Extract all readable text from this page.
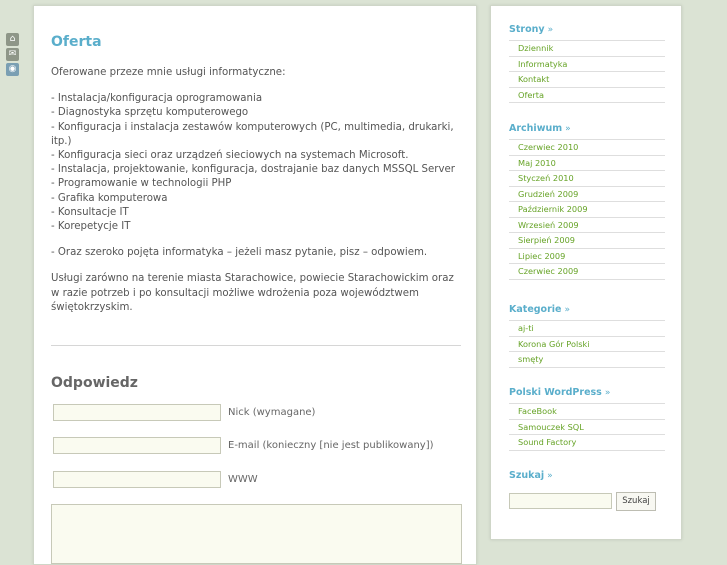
⌂
✉
◉
Oferta

Oferowane przeze mnie usługi informatyczne:

- Instalacja/konfiguracja oprogramowania

- Diagnostyka sprzętu komputerowego

- Konfiguracja i instalacja zestawów komputerowych (PC, multimedia, drukarki, itp.)

- Konfiguracja sieci oraz urządzeń sieciowych na systemach Microsoft.

- Instalacja, projektowanie, konfiguracja, dostrajanie baz danych MSSQL Server

- Programowanie w technologii PHP

- Grafika komputerowa

- Konsultacje IT

- Korepetycje IT

- Oraz szeroko pojęta informatyka – jeżeli masz pytanie, pisz – odpowiem.

Usługi zarówno na terenie miasta Starachowice, powiecie Starachowickim oraz w razie potrzeb i po konsultacji możliwe wdrożenia poza województwem świętokrzyskim.

Odpowiedz
Nick (wymagane)
E-mail (konieczny [nie jest publikowany])
WWW
Strony »
Dziennik
Informatyka
Kontakt
Oferta
Archiwum »
Czerwiec 2010
Maj 2010
Styczeń 2010
Grudzień 2009
Październik 2009
Wrzesień 2009
Sierpień 2009
Lipiec 2009
Czerwiec 2009
Kategorie »
aj-ti
Korona Gór Polski
smęty
Polski WordPress »
FaceBook
Samouczek SQL
Sound Factory
Szukaj »
Szukaj
